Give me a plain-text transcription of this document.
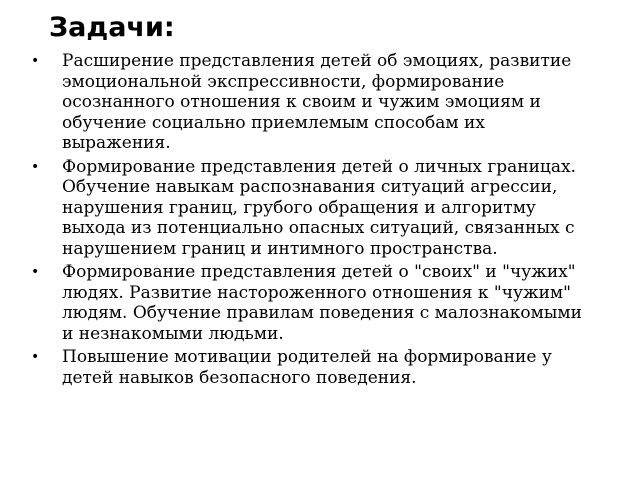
Задачи:
• Расширение представления детей об эмоциях, развитие эмоциональной экспрессивности, формирование осознанного отношения к своим и чужим эмоциям и обучение социально приемлемым способам их выражения.
• Формирование представления детей о личных границах. Обучение навыкам распознавания ситуаций агрессии, нарушения границ, грубого обращения и алгоритму выхода из потенциально опасных ситуаций, связанных с нарушением границ и интимного пространства.
• Формирование представления детей о "своих" и "чужих" людях. Развитие настороженного отношения к "чужим" людям. Обучение правилам поведения с малознакомыми и незнакомыми людьми.
• Повышение мотивации родителей на формирование у детей навыков безопасного поведения.
